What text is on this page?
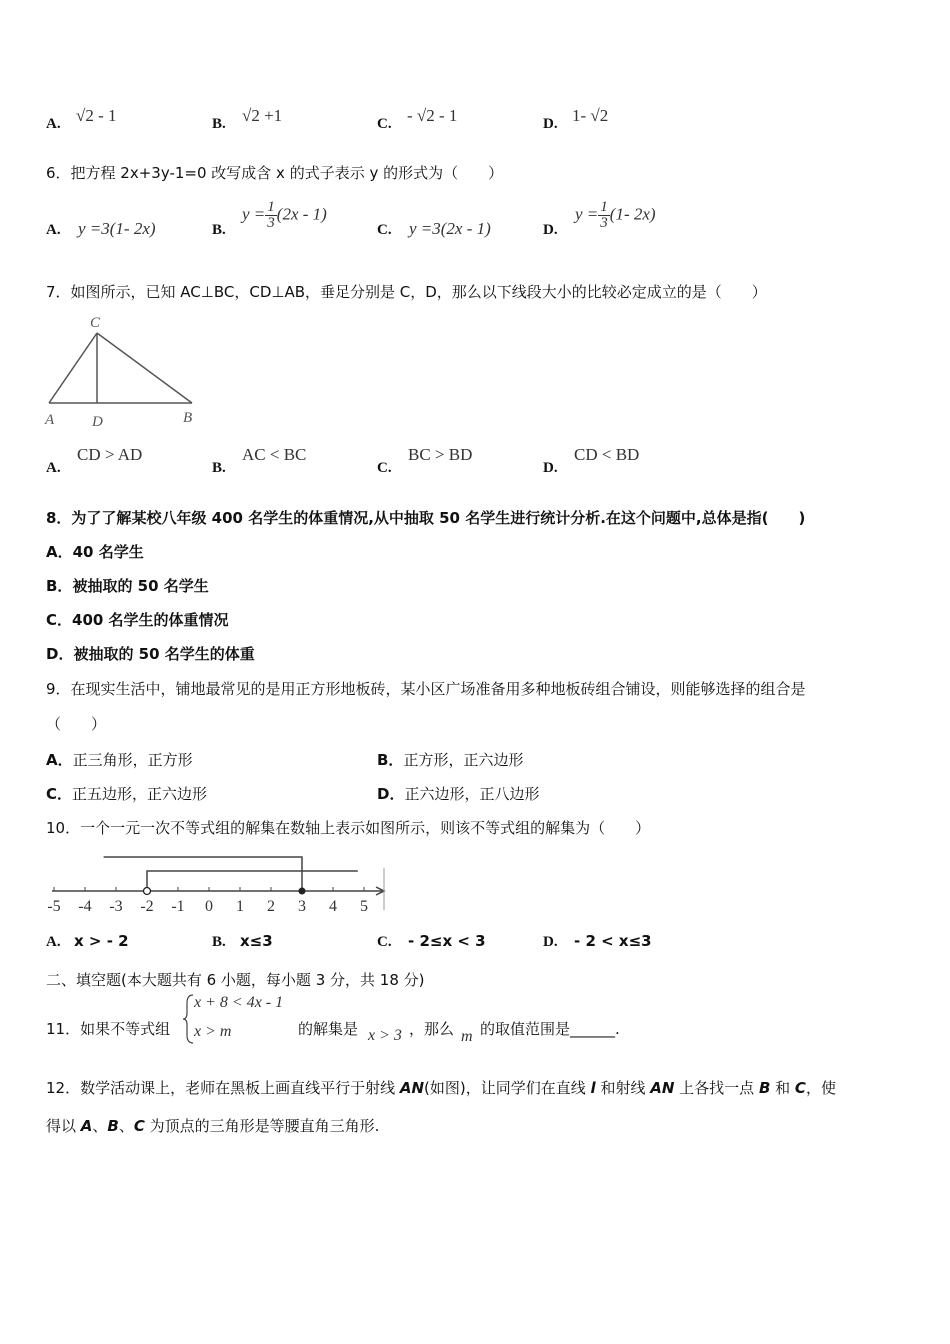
A. √2 - 1	B. √2 +1	C. - √2 - 1	D. 1- √2
6．把方程 2x+3y-1=0 改写成含 x 的式子表示 y 的形式为（　　）
A. y =3(1- 2x)	B.
$y = \frac{1}{3} (2x - 1)$
C. y =3(2x - 1)	D.
$y = \frac{1}{3} (1-$ 2x)
7．如图所示，已知 AC⊥BC，CD⊥AB，垂足分别是 C，D，那么以下线段大小的比较必定成立的是（　　）
C
A	D	B
A.
CD > AD
B.
AC < BC
C.
BC > BD
D.
CD < BD
8．为了了解某校八年级 400 名学生的体重情况,从中抽取 50 名学生进行统计分析.在这个问题中,总体是指(　　)
A．40 名学生
B．被抽取的 50 名学生
C．400 名学生的体重情况
D．被抽取的 50 名学生的体重
9．在现实生活中，铺地最常见的是用正方形地板砖，某小区广场准备用多种地板砖组合铺设，则能够选择的组合是
（　　）
A．正三角形，正方形	B．正方形，正六边形
C．正五边形，正六边形	D．正六边形，正八边形
10．一个一元一次不等式组的解集在数轴上表示如图所示，则该不等式组的解集为（　　）
-5 -4 -3 -2 -1 0 1 2 3 4 5
A. x > - 2	B. x≤3	C. - 2≤x < 3	D. - 2 < x≤3
二、填空题(本大题共有 6 小题，每小题 3 分，共 18 分)
11．如果不等式组
x + 8 < 4x - 1
x > m	的解集是 x > 3 ，那么 m 的取值范围是______.
12．数学活动课上，老师在黑板上画直线平行于射线 AN(如图)，让同学们在直线 l 和射线 AN 上各找一点 B 和 C，使
得以 A、B、C 为顶点的三角形是等腰直角三角形.
